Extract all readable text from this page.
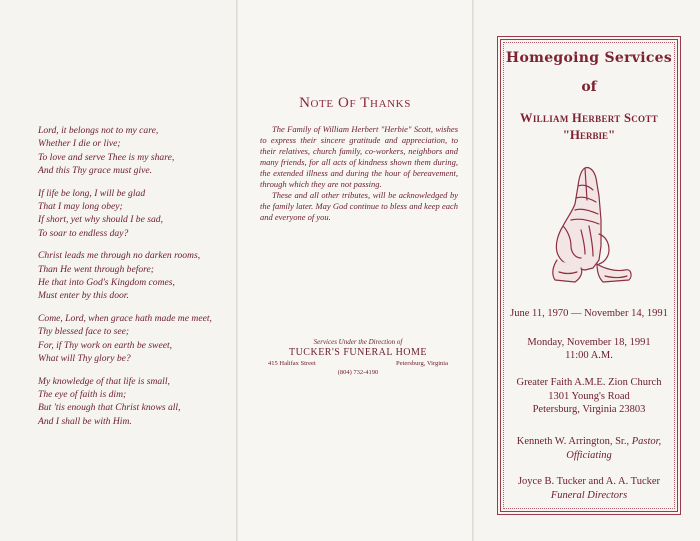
Lord, it belongs not to my care,
Whether I die or live;
To love and serve Thee is my share,
And this Thy grace must give.
If life be long, I will be glad
That I may long obey;
If short, yet why should I be sad,
To soar to endless day?
Christ leads me through no darken rooms,
Than He went through before;
He that into God's Kingdom comes,
Must enter by this door.
Come, Lord, when grace hath made me meet,
Thy blessed face to see;
For, if Thy work on earth be sweet,
What will Thy glory be?
My knowledge of that life is small,
The eye of faith is dim;
But 'tis enough that Christ knows all,
And I shall be with Him.
Note Of Thanks

The Family of William Herbert "Herbie" Scott, wishes to express their sincere gratitude and appreciation, to their relatives, church family, co-workers, neighbors and many friends, for all acts of kindness shown them during, the extended illness and during the hour of bereavement, through which they are not passing.

These and all other tributes, will be acknowledged by the family later. May God continue to bless and keep each and everyone of you.

Services Under the Direction of
TUCKER'S FUNERAL HOME
415 Halifax Street	Petersburg, Virginia
(804) 732-4190
Homegoing Services
of
William Herbert Scott
"Herbie"
June 11, 1970 — November 14, 1991
Monday, November 18, 1991
11:00 A.M.
Greater Faith A.M.E. Zion Church
1301 Young's Road
Petersburg, Virginia 23803
Kenneth W. Arrington, Sr., Pastor,
Officiating
Joyce B. Tucker and A. A. Tucker
Funeral Directors
